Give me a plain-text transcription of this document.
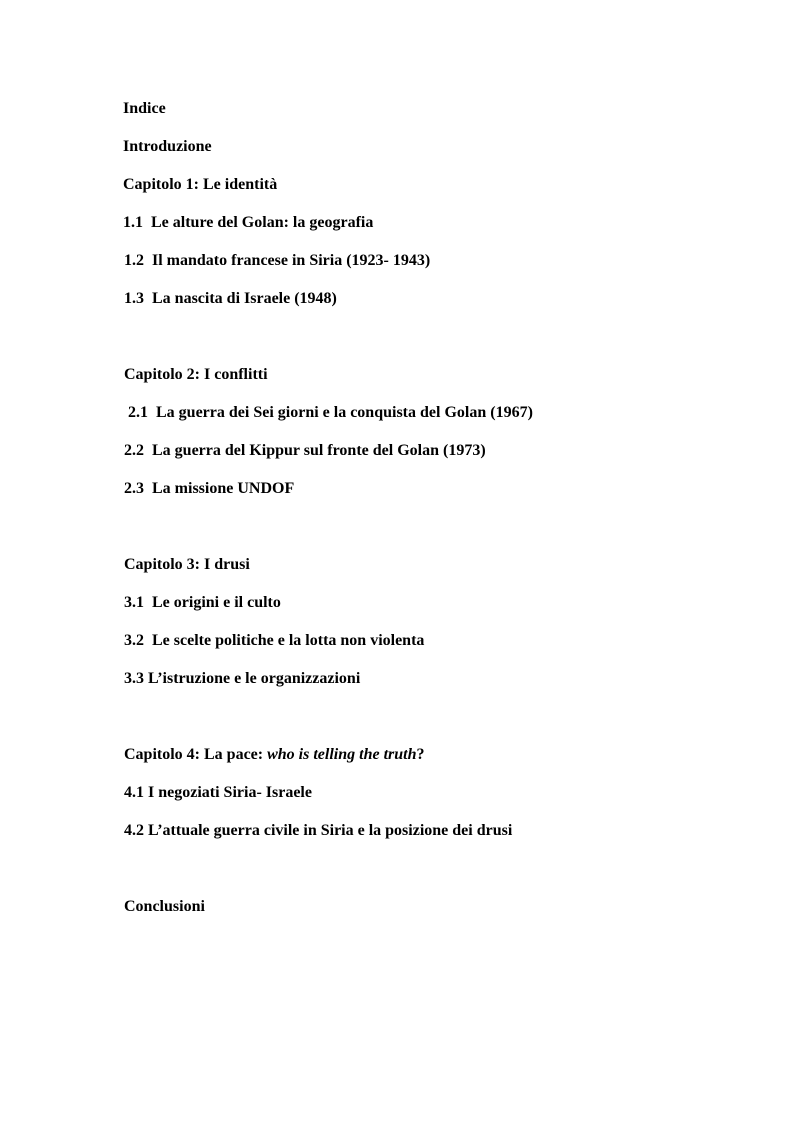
Indice
Introduzione
Capitolo 1: Le identità
1.1  Le alture del Golan: la geografia
1.2  Il mandato francese in Siria (1923- 1943)
1.3  La nascita di Israele (1948)
Capitolo 2: I conflitti
2.1  La guerra dei Sei giorni e la conquista del Golan (1967)
2.2  La guerra del Kippur sul fronte del Golan (1973)
2.3  La missione UNDOF
Capitolo 3: I drusi
3.1  Le origini e il culto
3.2  Le scelte politiche e la lotta non violenta
3.3 L’istruzione e le organizzazioni
Capitolo 4: La pace: who is telling the truth?
4.1 I negoziati Siria- Israele
4.2 L’attuale guerra civile in Siria e la posizione dei drusi
Conclusioni
